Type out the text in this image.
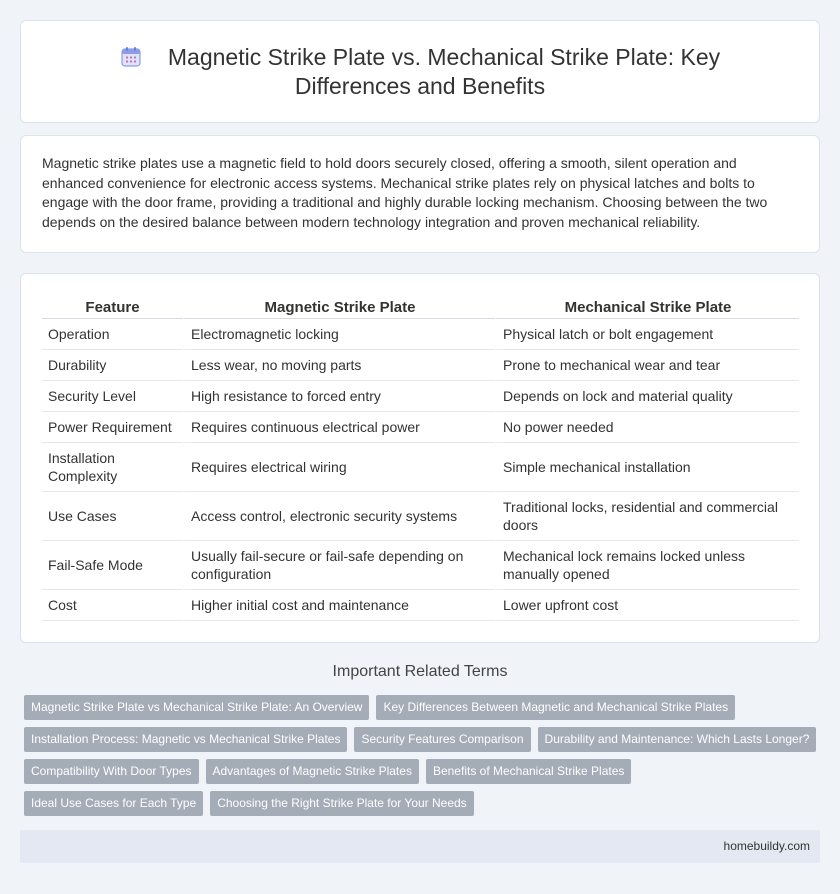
Magnetic Strike Plate vs. Mechanical Strike Plate: Key Differences and Benefits

Magnetic strike plates use a magnetic field to hold doors securely closed, offering a smooth, silent operation and enhanced convenience for electronic access systems. Mechanical strike plates rely on physical latches and bolts to engage with the door frame, providing a traditional and highly durable locking mechanism. Choosing between the two depends on the desired balance between modern technology integration and proven mechanical reliability.

Feature	Magnetic Strike Plate	Mechanical Strike Plate
Operation	Electromagnetic locking	Physical latch or bolt engagement
Durability	Less wear, no moving parts	Prone to mechanical wear and tear
Security Level	High resistance to forced entry	Depends on lock and material quality
Power Requirement	Requires continuous electrical power	No power needed
Installation Complexity	Requires electrical wiring	Simple mechanical installation
Use Cases	Access control, electronic security systems	Traditional locks, residential and commercial doors
Fail-Safe Mode	Usually fail-secure or fail-safe depending on configuration	Mechanical lock remains locked unless manually opened
Cost	Higher initial cost and maintenance	Lower upfront cost
Important Related Terms
Magnetic Strike Plate vs Mechanical Strike Plate: An Overview	Key Differences Between Magnetic and Mechanical Strike Plates
Installation Process: Magnetic vs Mechanical Strike Plates	Security Features Comparison	Durability and Maintenance: Which Lasts Longer?
Compatibility With Door Types	Advantages of Magnetic Strike Plates	Benefits of Mechanical Strike Plates
Ideal Use Cases for Each Type	Choosing the Right Strike Plate for Your Needs
homebuildy.com
